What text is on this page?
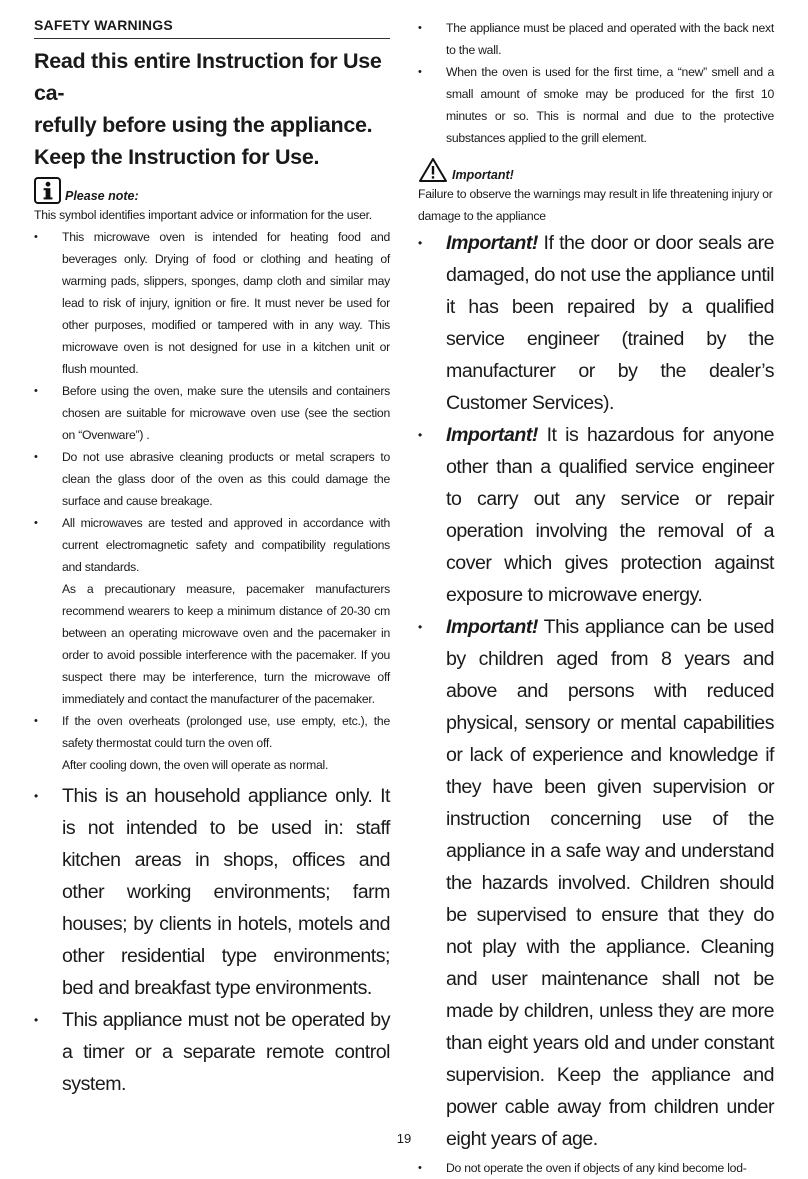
SAFETY WARNINGS
Read this entire Instruction for Use ca-
refully before using the appliance.
Keep the Instruction for Use.
Please note:

This symbol identifies important advice or information for the user.

• This microwave oven is intended for heating food and beverages only. Drying of food or clothing and heating of warming pads, slippers, sponges, damp cloth and similar may lead to risk of injury, ignition or fire. It must never be used for other purposes, modified or tampered with in any way. This microwave oven is not designed for use in a kitchen unit or flush mounted.

• Before using the oven, make sure the utensils and containers chosen are suitable for microwave oven use (see the section on “Ovenware”) .

• Do not use abrasive cleaning products or metal scrapers to clean the glass door of the oven as this could damage the surface and cause breakage.

• All microwaves are tested and approved in accordance with current electromagnetic safety and compatibility regulations and standards.

As a precautionary measure, pacemaker manufacturers recommend wearers to keep a minimum distance of 20-30 cm between an operating microwave oven and the pacemaker in order to avoid possible interference with the pacemaker. If you suspect there may be interference, turn the microwave off immediately and contact the manufacturer of the pacemaker.

• If the oven overheats (prolonged use, use empty, etc.), the safety thermostat could turn the oven off.

After cooling down, the oven will operate as normal.

• This is an household appliance only. It is not intended to be used in: staff kitchen areas in shops, offices and other working environments; farm houses; by clients in hotels, motels and other residential type environments; bed and breakfast type environments.
• This appliance must not be operated by a timer or a separate remote control system.
• The appliance must be placed and operated with the back next to the wall.
• When the oven is used for the first time, a “new” smell and a small amount of smoke may be produced for the first 10 minutes or so. This is normal and due to the protective substances applied to the grill element.
Important!

Failure to observe the warnings may result in life threatening injury or damage to the appliance

• Important! If the door or door seals are damaged, do not use the appliance until it has been repaired by a qualified service engineer (trained by the manufacturer or by the dealer’s Customer Services).
• Important! It is hazardous for anyone other than a qualified service engineer to carry out any service or repair operation involving the removal of a cover which gives protection against exposure to microwave energy.
• Important! This appliance can be used by children aged from 8 years and above and persons with reduced physical, sensory or mental capabilities or lack of experience and knowledge if they have been given supervision or instruction concerning use of the appliance in a safe way and understand the hazards involved. Children should be supervised to ensure that they do not play with the appliance. Cleaning and user maintenance shall not be made by children, unless they are more than eight years old and under constant supervision. Keep the appliance and power cable away from children under eight years of age.
• Do not operate the oven if objects of any kind become lod-
19
